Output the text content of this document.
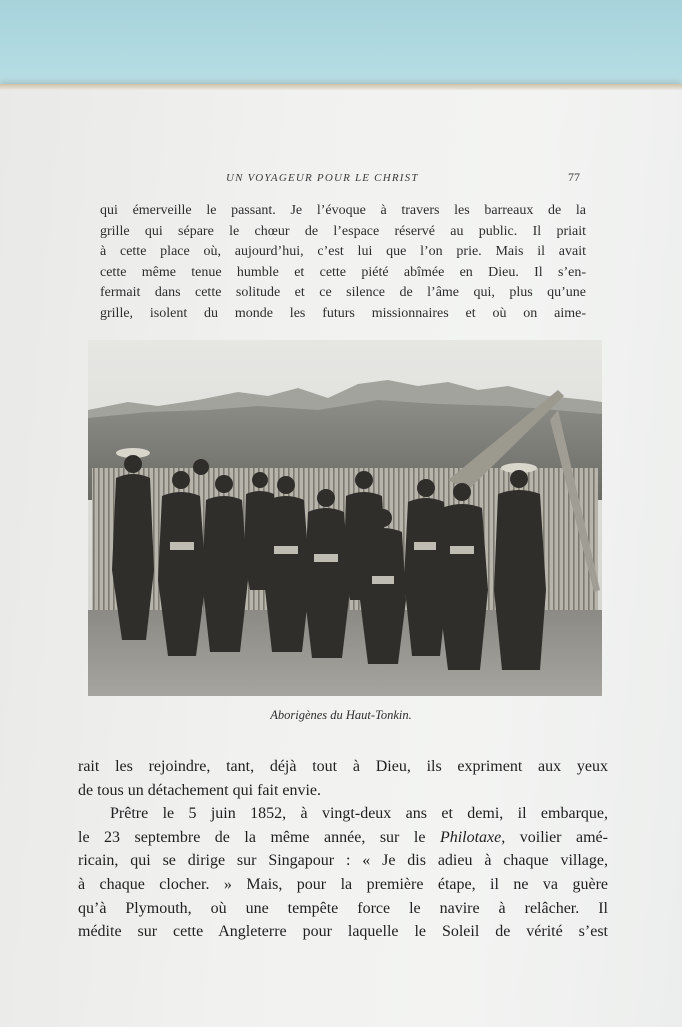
UN VOYAGEUR POUR LE CHRIST	77
qui émerveille le passant. Je l’évoque à travers les barreaux de la
grille qui sépare le chœur de l’espace réservé au public. Il priait
à cette place où, aujourd’hui, c’est lui que l’on prie. Mais il avait
cette même tenue humble et cette piété abîmée en Dieu. Il s’en-
fermait dans cette solitude et ce silence de l’âme qui, plus qu’une
grille, isolent du monde les futurs missionnaires et où on aime-
Aborigènes du Haut-Tonkin.
rait les rejoindre, tant, déjà tout à Dieu, ils expriment aux yeux
de tous un détachement qui fait envie.
Prêtre le 5 juin 1852, à vingt-deux ans et demi, il embarque,
le 23 septembre de la même année, sur le Philotaxe, voilier amé-
ricain, qui se dirige sur Singapour : « Je dis adieu à chaque village,
à chaque clocher. » Mais, pour la première étape, il ne va guère
qu’à Plymouth, où une tempête force le navire à relâcher. Il
médite sur cette Angleterre pour laquelle le Soleil de vérité s’est
